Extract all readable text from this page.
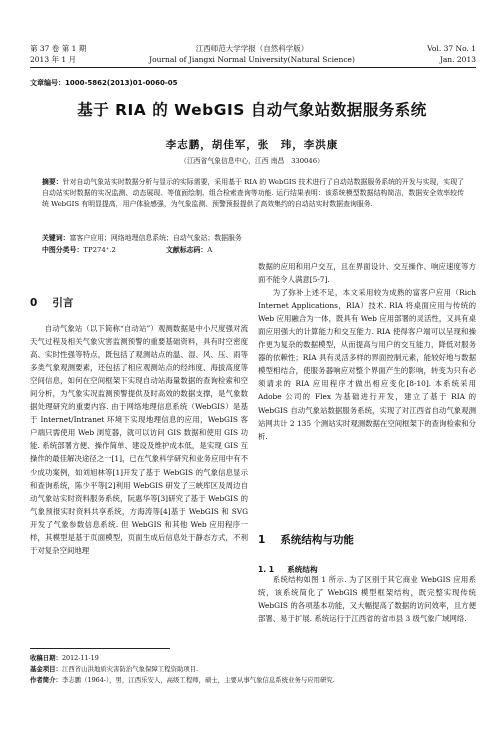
第 37 卷 第 1 期
2013 年 1 月
江西师范大学学报（自然科学版）
Journal of Jiangxi Normal University(Natural Science)
Vol. 37 No. 1
Jan. 2013
文章编号：1000-5862(2013)01-0060-05
基于 RIA 的 WebGIS 自动气象站数据服务系统
李志鹏，胡佳军，张　玮，李洪康
（江西省气象信息中心，江西 南昌　330046）
摘要：针对自动气象站实时数据分析与显示的实际需要，采用基于 RIA 的 WebGIS 技术进行了自动站数据服务系统的开发与实现，实现了自动站实时数据的实况监测、动态展现、等值面绘制、组合检索查询等功能. 运行结果表明：该系统模型数据结构简洁，数据安全效率较传统 WebGIS 有明显提高，用户体验感强，为气象监测、预警预报提供了高效集约的自动站实时数据查询服务.
关键词：富客户应用；网络地理信息系统；自动气象站；数据服务
中图分类号：TP274⁺.2	文献标志码：A
0 引言

自动气象站（以下简称“自动站”）观测数据是中小尺度强对流天气过程及相关气象灾害监测预警的重要基础资料，具有时空密度高、实时性强等特点，既包括了观测站点的温、湿、风、压、雨等多类气象观测要素，还包括了相应观测站点的经纬度、海拔高度等空间信息，如何在空间框架下实现自动站海量数据的查询检索和空间分析，为气象实况监测预警提供及时高效的数据支撑，是气象数据处理研究的重要内容. 由于网络地理信息系统（WebGIS）是基于 Internet/Intranet 环境下实现地理信息的应用，WebGIS 客户端只需使用 Web 浏览器，就可以访问 GIS 数据和使用 GIS 功能. 系统部署方便、操作简单、建设及维护成本低，是实现 GIS 互操作的最佳解决途径之一[1]，已在气象科学研究和业务应用中有不少成功案例，如刘旭林等[1]开发了基于 WebGIS 的气象信息显示和查询系统，陈少平等[2]利用 WebGIS 研发了三峡库区及周边自动气象站实时资料服务系统，阮惠华等[3]研究了基于 WebGIS 的气象预报实时资料共享系统，方海涛等[4]基于 WebGIS 和 SVG 开发了气象参数信息系统. 但 WebGIS 和其他 Web 应用程序一样，其模型是基于页面模型，页面生成后信息处于静态方式，不利于对复杂空间地理

数据的应用和用户交互，且在界面设计、交互操作、响应速度等方面不能令人满意[5-7].

为了弥补上述不足，本文采用较为成熟的富客户应用（Rich Internet Applications，RIA）技术. RIA 将桌面应用与传统的 Web 应用融合为一体，既具有 Web 应用部署的灵活性，又具有桌面应用强大的计算能力和交互能力. RIA 使得客户端可以呈现和操作更为复杂的数据模型，从而提高与用户的交互能力，降低对服务器的依赖性；RIA 具有灵活多样的界面控制元素，能较好地与数据模型相结合，使服务器响应对整个界面产生的影响，转变为只有必须请求的 RIA 应用程序才做出相应变化[8-10]. 本系统采用 Adobe 公司的 Flex 为基础进行开发，建立了基于 RIA 的 WebGIS 自动气象站数据服务系统，实现了对江西省自动气象观测站网共计 2 135 个测站实时观测数据在空间框架下的查询检索和分析.

1 系统结构与功能
1. 1 系统结构

系统结构如图 1 所示. 为了区别于其它商业 WebGIS 应用系统，该系统简化了 WebGIS 模型框架结构，既完整实现传统 WebGIS 的各项基本功能，又大幅提高了数据的访问效率，且方便部署、易于扩展. 系统运行于江西省的省市县 3 级气象广域网络.

收稿日期：2012-11-19
基金项目：江西省山洪地质灾害防治气象保障工程资助项目.
作者简介：李志鹏（1964-），男，江西乐安人，高级工程师，硕士，主要从事气象信息系统业务与应用研究.
